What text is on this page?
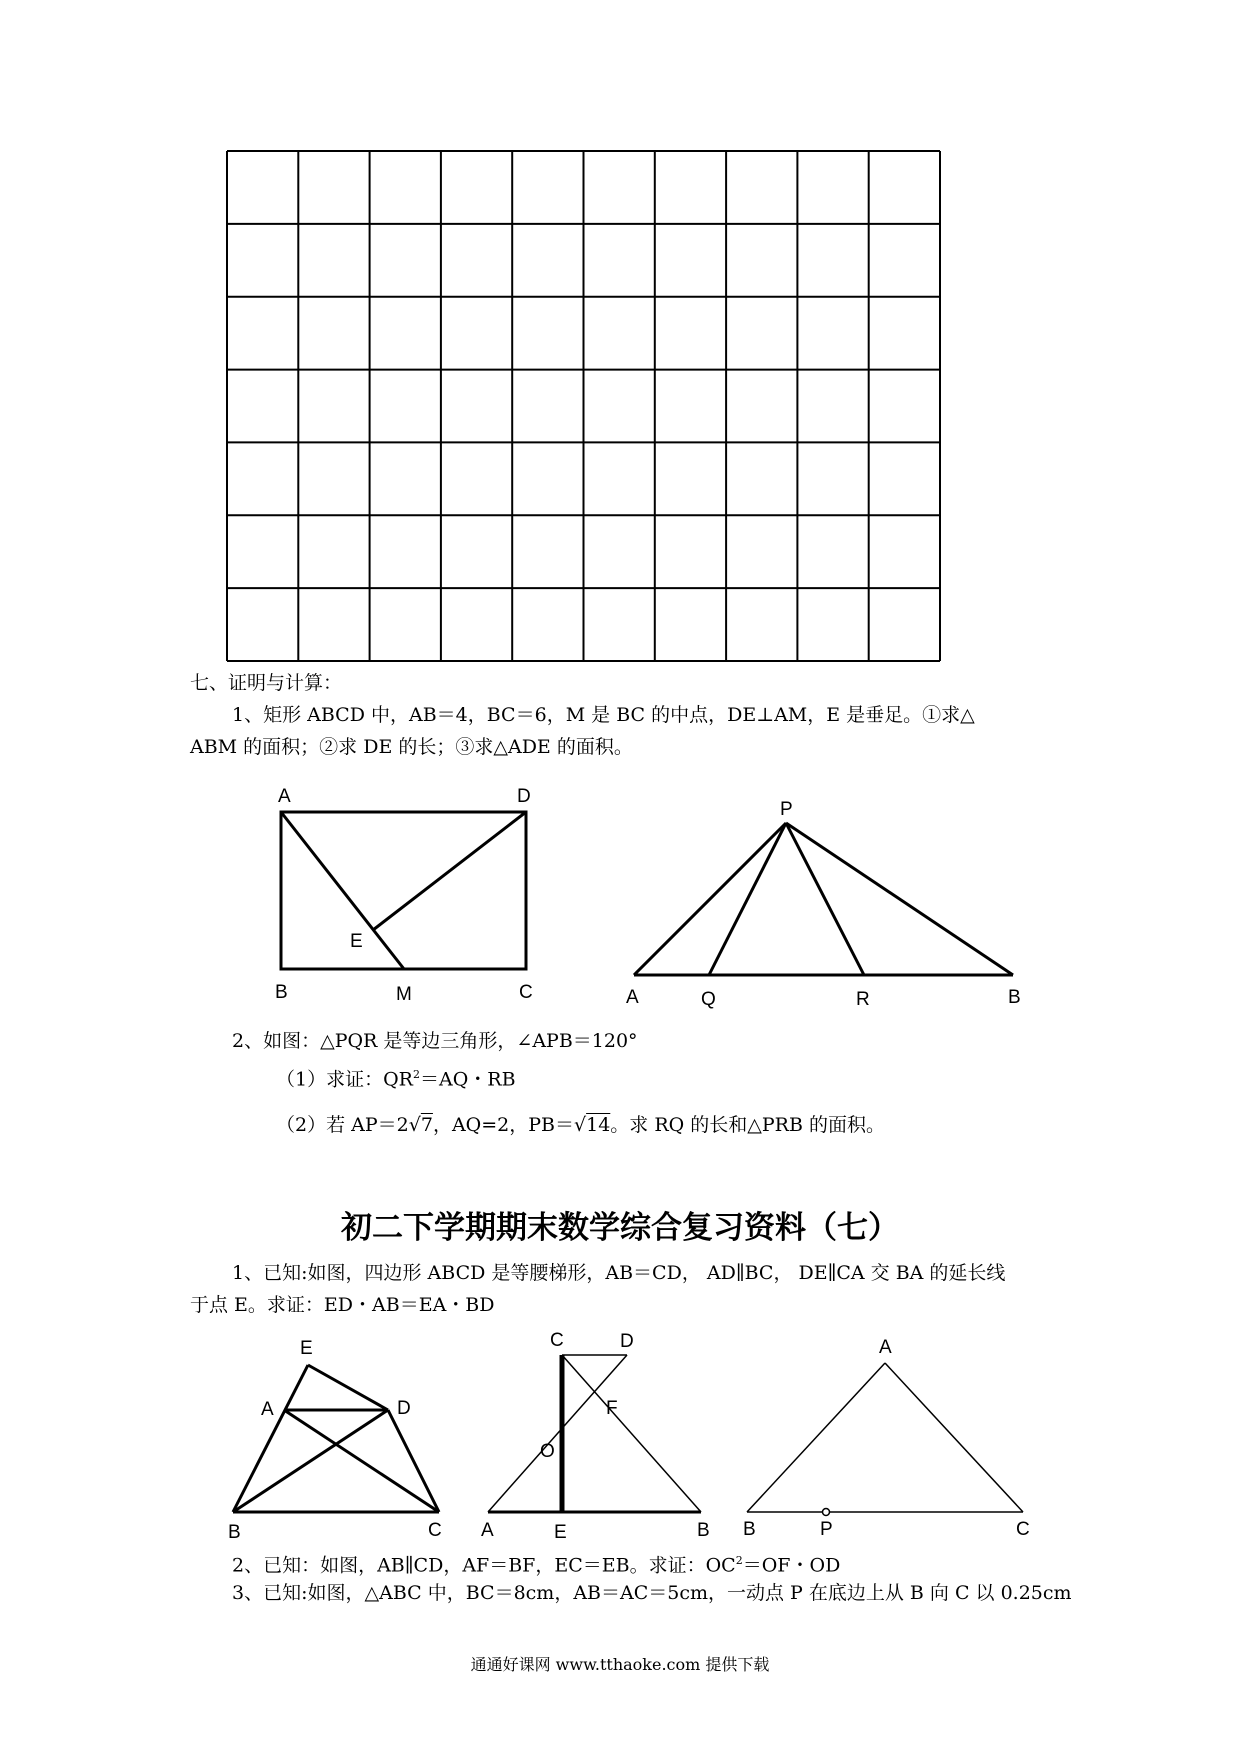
七、证明与计算：
1、矩形 ABCD 中，AB＝4，BC＝6，M 是 BC 的中点，DE⊥AM，E 是垂足。①求△
ABM 的面积；②求 DE 的长；③求△ADE 的面积。
A	D
B	M	C
E
P
A	Q	R	B
2、如图：△PQR 是等边三角形，∠APB＝120°
（1）求证：$QR^2=AQ$・RB
（2）若 AP＝2√7，AQ=2，PB＝√14。求 RQ 的长和△PRB 的面积。
初二下学期期末数学综合复习资料（七）
1、已知:如图，四边形 ABCD 是等腰梯形，AB＝CD， AD∥BC， DE∥CA 交 BA 的延长线
于点 E。求证：ED・AB＝EA・BD
E
A	D
B	C
C	D
F
O
A	E	B
A
B	P	C
2、已知：如图，AB∥CD，AF＝BF，EC＝EB。求证：$OC^2=OF$・OD
3、已知:如图，△ABC 中，BC＝8cm，AB＝AC＝5cm，一动点 P 在底边上从 B 向 C 以 0.25cm
通通好课网 www.tthaoke.com 提供下载
